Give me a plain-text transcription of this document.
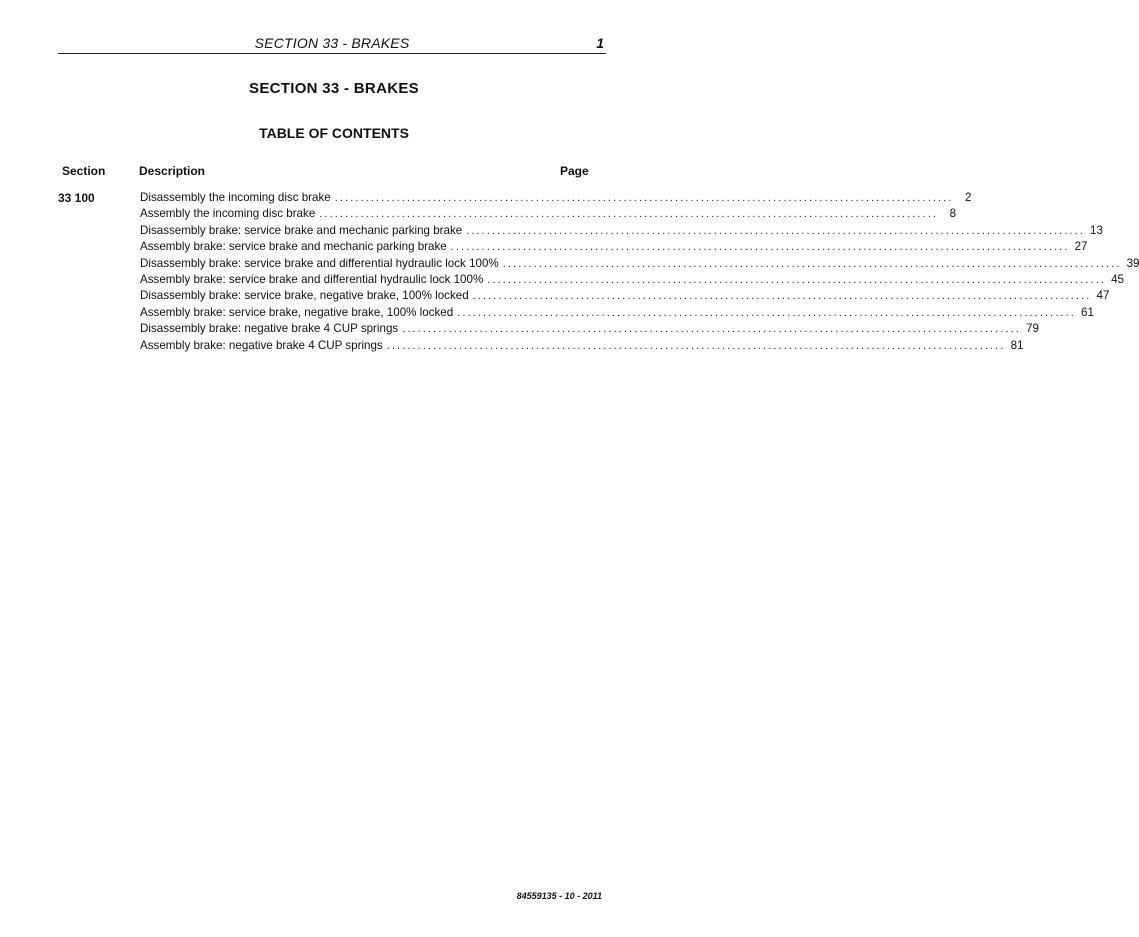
SECTION 33 - BRAKES	1
SECTION 33 - BRAKES
TABLE OF CONTENTS
Section	Description	Page
33 100	Disassembly the incoming disc brake ........................................................................................................................ 2
Assembly the incoming disc brake ........................................................................................................................ 8
Disassembly brake: service brake and mechanic parking brake ........................................................................................................................ 13
Assembly brake: service brake and mechanic parking brake ........................................................................................................................ 27
Disassembly brake: service brake and differential hydraulic lock 100% ........................................................................................................................ 39
Assembly brake: service brake and differential hydraulic lock 100% ........................................................................................................................ 45
Disassembly brake: service brake, negative brake, 100% locked ........................................................................................................................ 47
Assembly brake: service brake, negative brake, 100% locked ........................................................................................................................ 61
Disassembly brake: negative brake 4 CUP springs ........................................................................................................................ 79
Assembly brake: negative brake 4 CUP springs ........................................................................................................................ 81
84559135 - 10 - 2011
